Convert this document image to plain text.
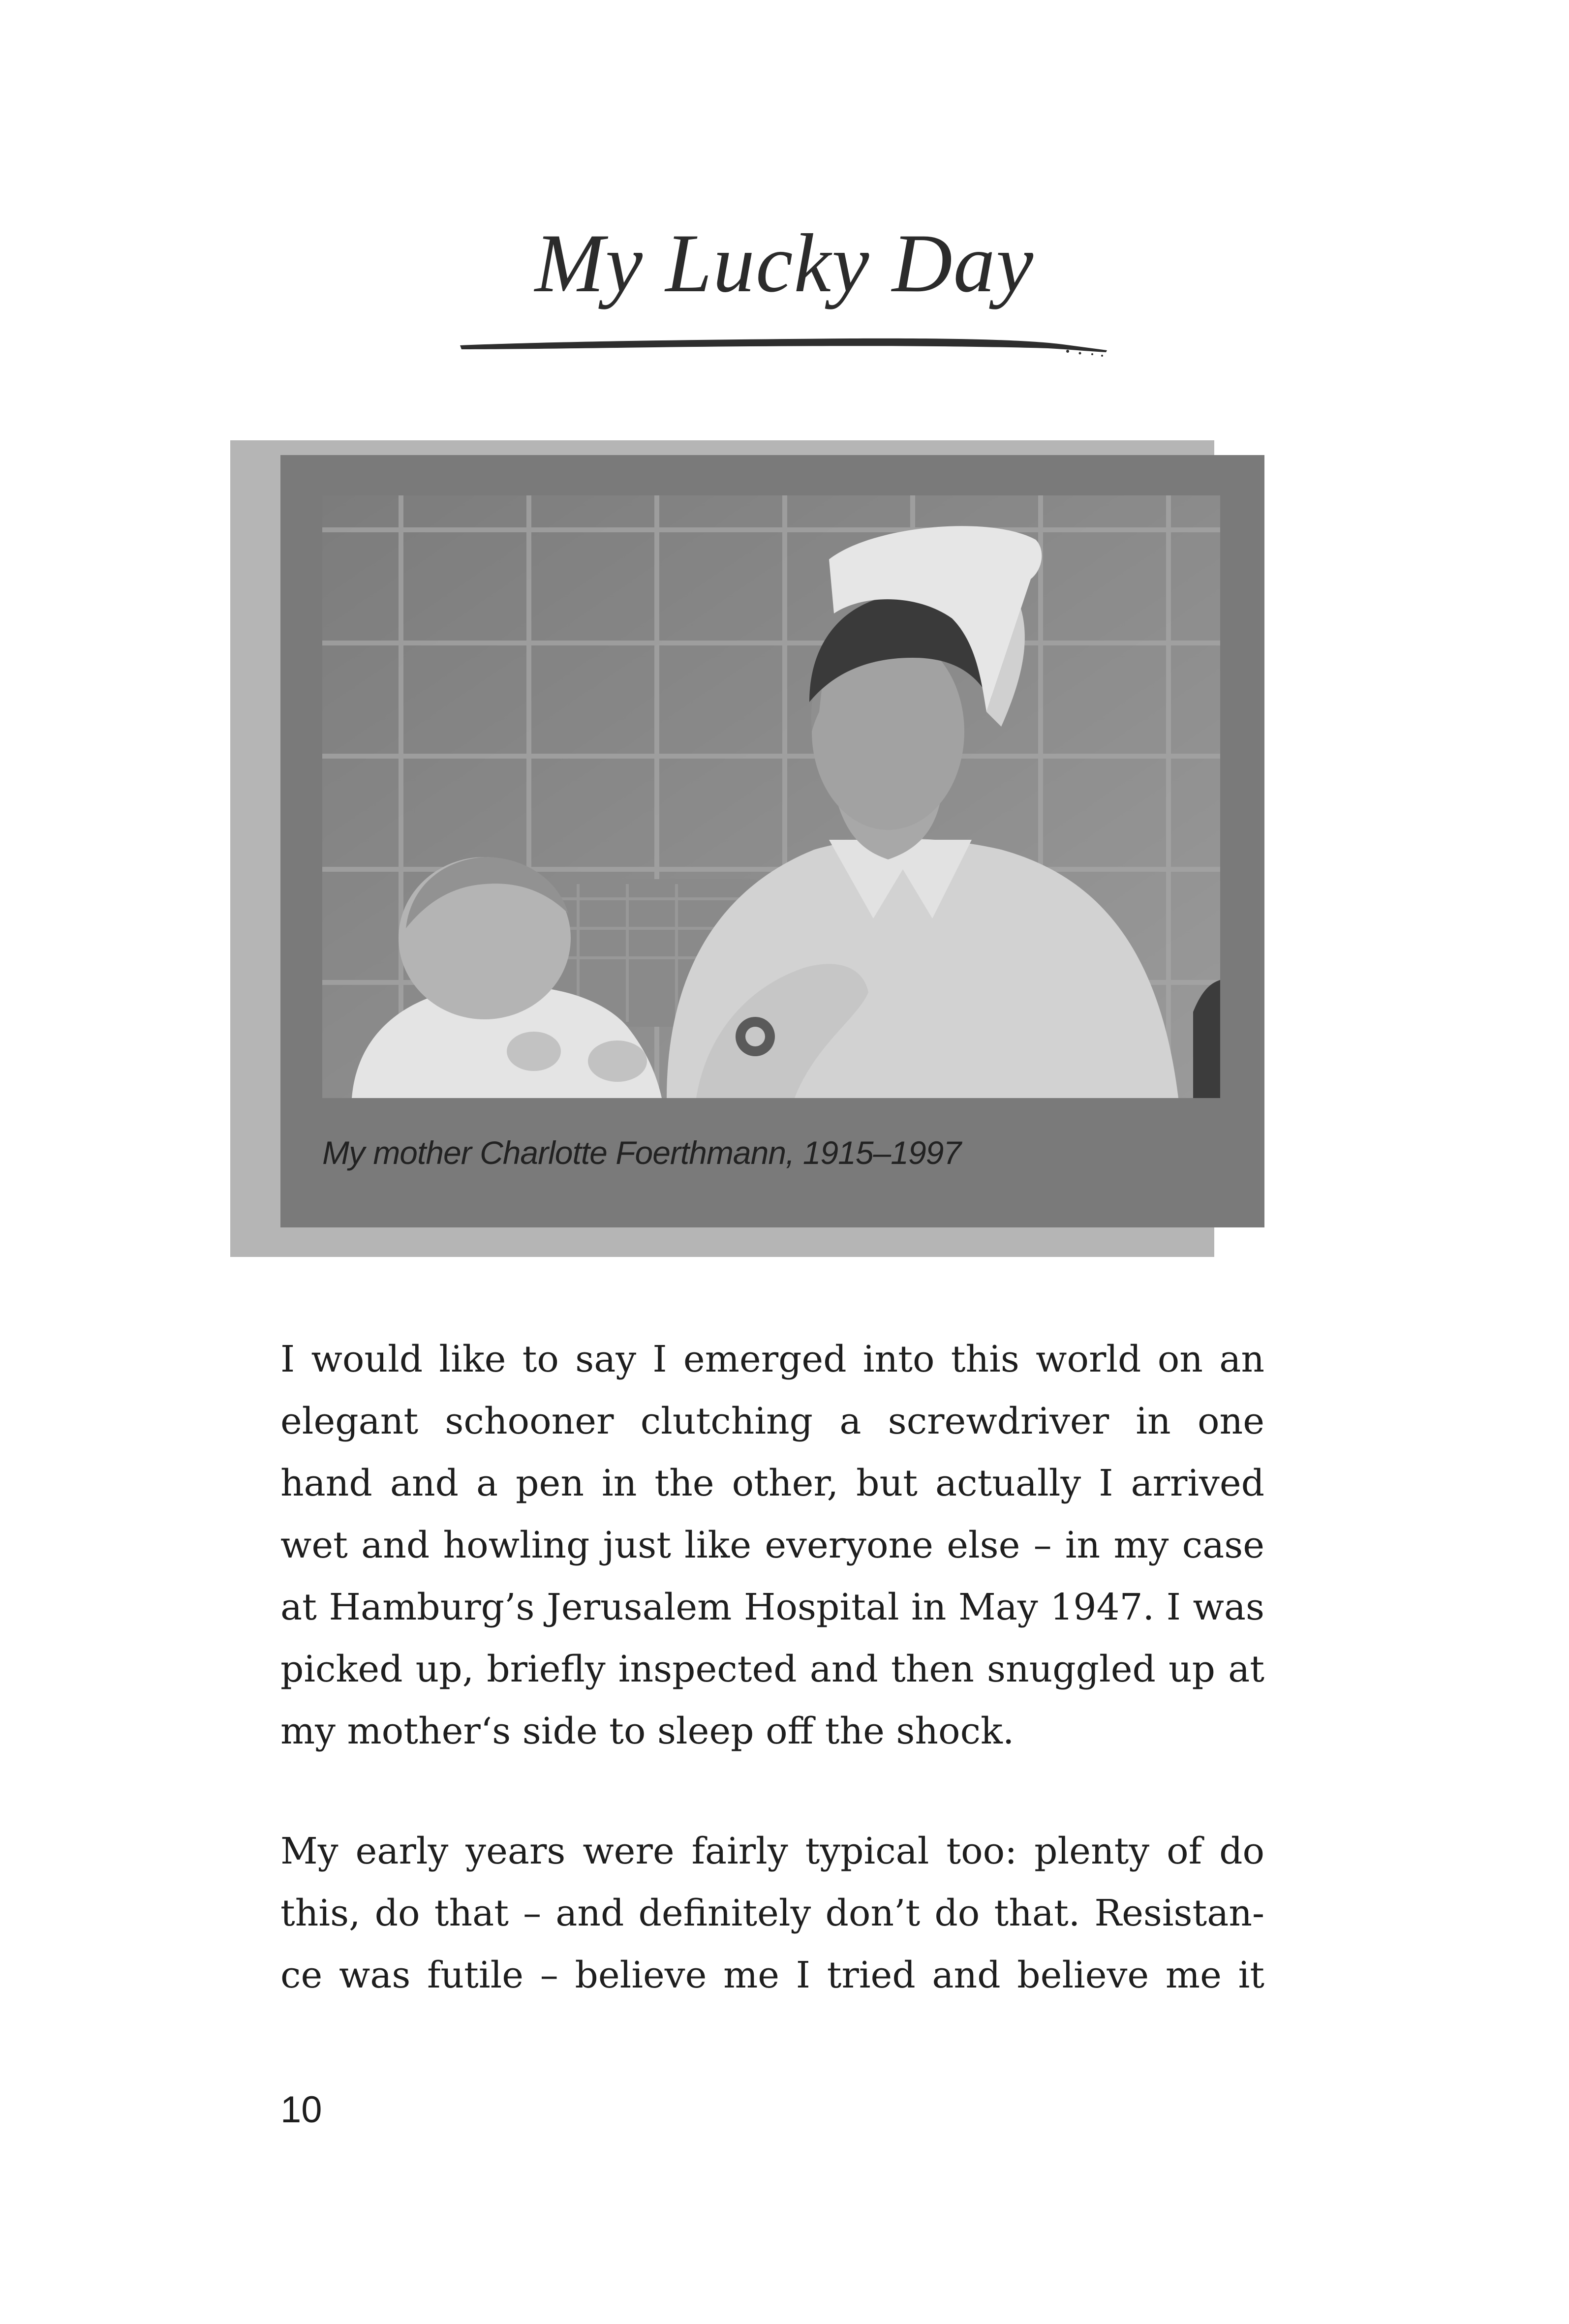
My Lucky Day
My mother Charlotte Foerthmann, 1915–1997
I would like to say I emerged into this world on an
elegant schooner clutching a screwdriver in one
hand and a pen in the other, but actually I arrived
wet and howling just like everyone else – in my case
at Hamburg’s Jerusalem Hospital in May 1947. I was
picked up, briefly inspected and then snuggled up at
my mother‘s side to sleep off the shock.
My early years were fairly typical too: plenty of do
this, do that – and definitely don’t do that. Resistan-
ce was futile – believe me I tried and believe me it
10
